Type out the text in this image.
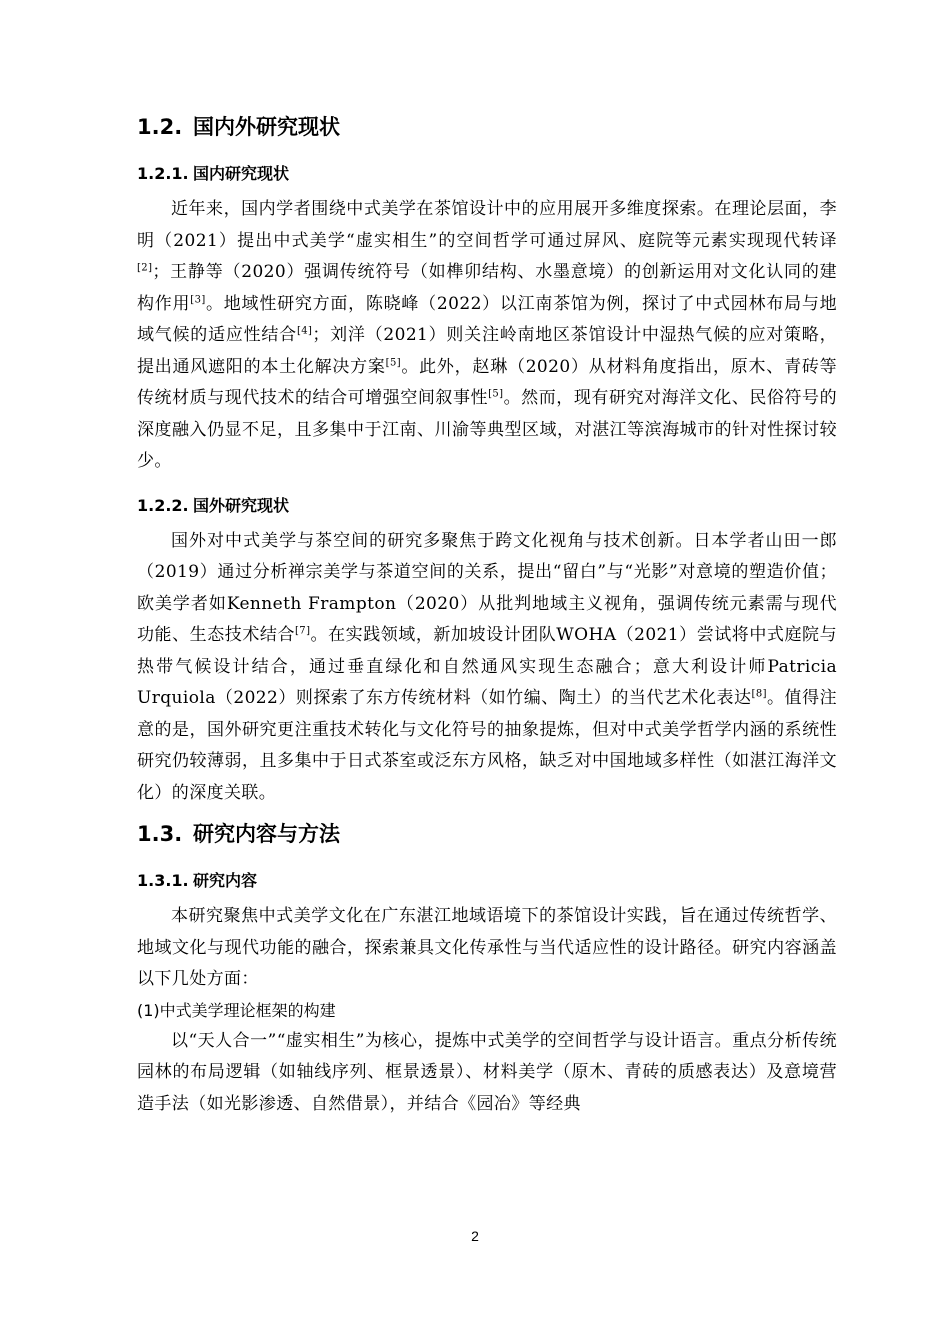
1.2. 国内外研究现状
1.2.1. 国内研究现状

近年来，国内学者围绕中式美学在茶馆设计中的应用展开多维度探索。在理论层面，李明（2021）提出中式美学“虚实相生”的空间哲学可通过屏风、庭院等元素实现现代转译[2]；王静等（2020）强调传统符号（如榫卯结构、水墨意境）的创新运用对文化认同的建构作用[3]。地域性研究方面，陈晓峰（2022）以江南茶馆为例，探讨了中式园林布局与地域气候的适应性结合[4]；刘洋（2021）则关注岭南地区茶馆设计中湿热气候的应对策略，提出通风遮阳的本土化解决方案[5]。此外，赵琳（2020）从材料角度指出，原木、青砖等传统材质与现代技术的结合可增强空间叙事性[5]。然而，现有研究对海洋文化、民俗符号的深度融入仍显不足，且多集中于江南、川渝等典型区域，对湛江等滨海城市的针对性探讨较少。

1.2.2. 国外研究现状

国外对中式美学与茶空间的研究多聚焦于跨文化视角与技术创新。日本学者山田一郎（2019）通过分析禅宗美学与茶道空间的关系，提出“留白”与“光影”对意境的塑造价值；欧美学者如Kenneth Frampton（2020）从批判地域主义视角，强调传统元素需与现代功能、生态技术结合[7]。在实践领域，新加坡设计团队WOHA（2021）尝试将中式庭院与热带气候设计结合，通过垂直绿化和自然通风实现生态融合；意大利设计师Patricia Urquiola（2022）则探索了东方传统材料（如竹编、陶土）的当代艺术化表达[8]。值得注意的是，国外研究更注重技术转化与文化符号的抽象提炼，但对中式美学哲学内涵的系统性研究仍较薄弱，且多集中于日式茶室或泛东方风格，缺乏对中国地域多样性（如湛江海洋文化）的深度关联。

1.3. 研究内容与方法
1.3.1. 研究内容

本研究聚焦中式美学文化在广东湛江地域语境下的茶馆设计实践，旨在通过传统哲学、地域文化与现代功能的融合，探索兼具文化传承性与当代适应性的设计路径。研究内容涵盖以下几处方面：

(1)中式美学理论框架的构建

以“天人合一”“虚实相生”为核心，提炼中式美学的空间哲学与设计语言。重点分析传统园林的布局逻辑（如轴线序列、框景透景）、材料美学（原木、青砖的质感表达）及意境营造手法（如光影渗透、自然借景），并结合《园冶》等经典

2
